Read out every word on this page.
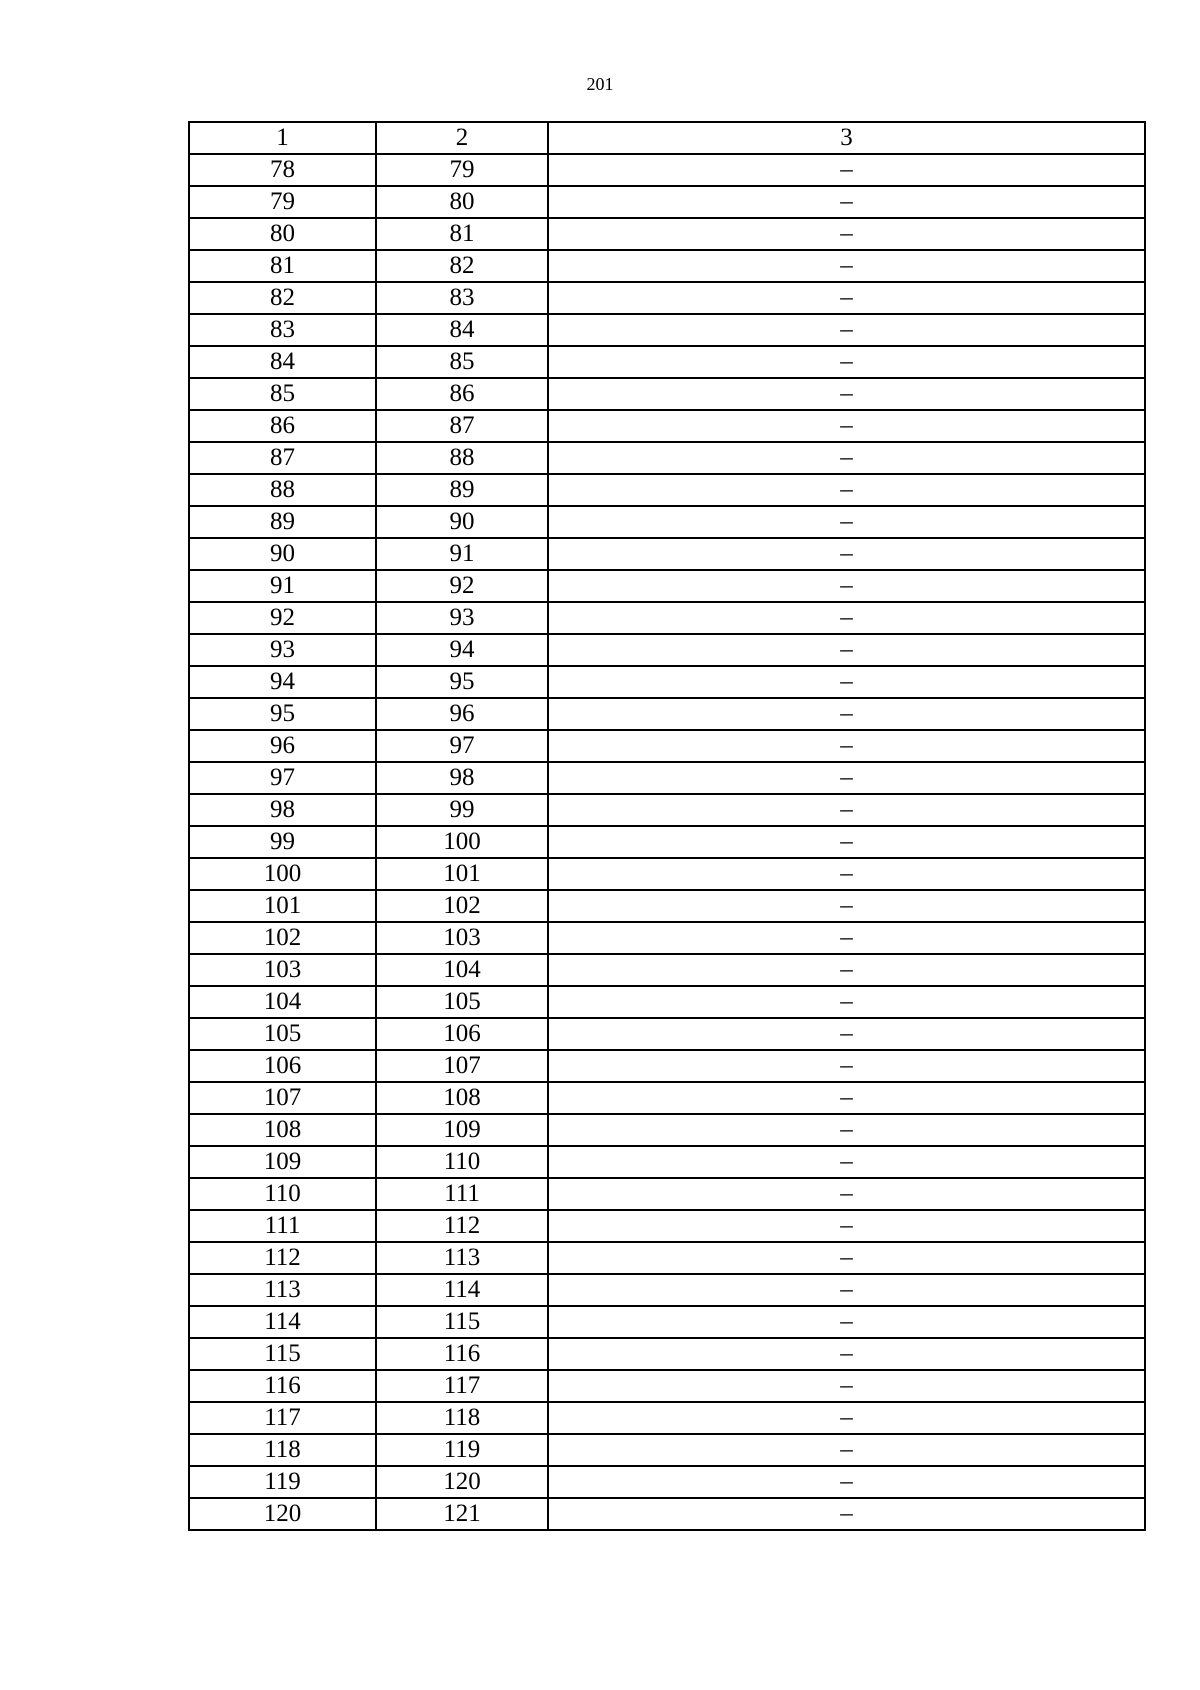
201
1	2	3
78	79	–
79	80	–
80	81	–
81	82	–
82	83	–
83	84	–
84	85	–
85	86	–
86	87	–
87	88	–
88	89	–
89	90	–
90	91	–
91	92	–
92	93	–
93	94	–
94	95	–
95	96	–
96	97	–
97	98	–
98	99	–
99	100	–
100	101	–
101	102	–
102	103	–
103	104	–
104	105	–
105	106	–
106	107	–
107	108	–
108	109	–
109	110	–
110	111	–
111	112	–
112	113	–
113	114	–
114	115	–
115	116	–
116	117	–
117	118	–
118	119	–
119	120	–
120	121	–
